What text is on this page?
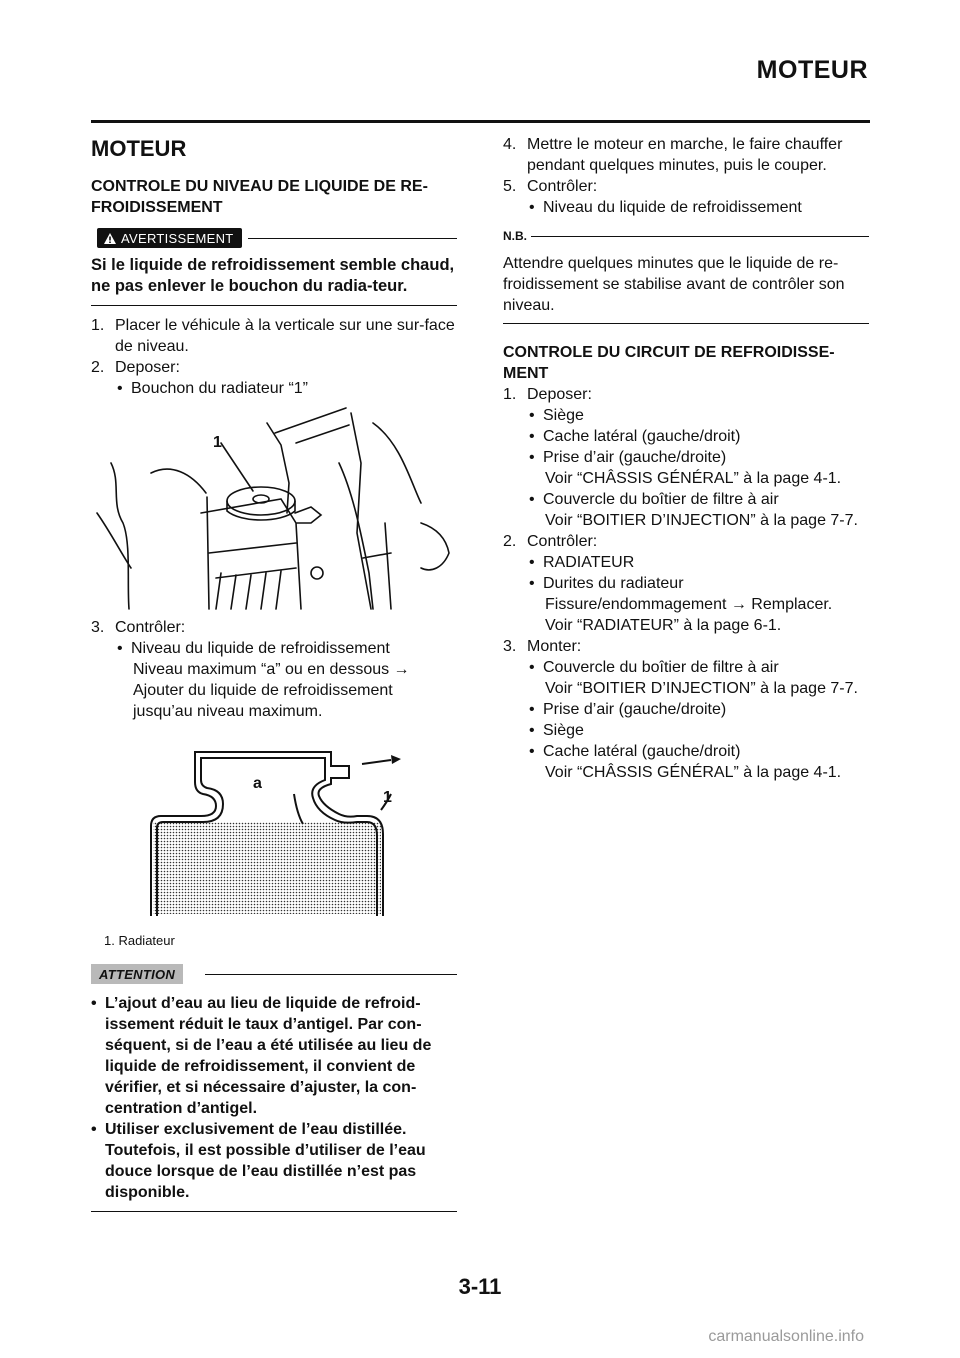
MOTEUR
MOTEUR
CONTROLE DU NIVEAU DE LIQUIDE DE RE-FROIDISSEMENT
AVERTISSEMENT
Si le liquide de refroidissement semble chaud, ne pas enlever le bouchon du radia-teur.
1. Placer le véhicule à la verticale sur une sur-face de niveau.
2. Deposer:
• Bouchon du radiateur “1”
1
3. Contrôler:
• Niveau du liquide de refroidissement
Niveau maximum “a” ou en dessous →
Ajouter du liquide de refroidissement
jusqu’au niveau maximum.
a
1
1. Radiateur
ATTENTION
• L’ajout d’eau au lieu de liquide de refroid-issement réduit le taux d’antigel. Par con-séquent, si de l’eau a été utilisée au lieu de liquide de refroidissement, il convient de vérifier, et si nécessaire d’ajuster, la con-centration d’antigel.
• Utiliser exclusivement de l’eau distillée. Toutefois, il est possible d’utiliser de l’eau douce lorsque de l’eau distillée n’est pas disponible.
4. Mettre le moteur en marche, le faire chauffer pendant quelques minutes, puis le couper.
5. Contrôler:
• Niveau du liquide de refroidissement
N.B.
Attendre quelques minutes que le liquide de re-froidissement se stabilise avant de contrôler son niveau.
CONTROLE DU CIRCUIT DE REFROIDISSE-MENT
1. Deposer:
• Siège
• Cache latéral (gauche/droit)
• Prise d’air (gauche/droite)
Voir “CHÂSSIS GÉNÉRAL” à la page 4-1.
• Couvercle du boîtier de filtre à air
Voir “BOITIER D’INJECTION” à la page 7-7.
2. Contrôler:
• RADIATEUR
• Durites du radiateur
Fissure/endommagement → Remplacer.
Voir “RADIATEUR” à la page 6-1.
3. Monter:
• Couvercle du boîtier de filtre à air
Voir “BOITIER D’INJECTION” à la page 7-7.
• Prise d’air (gauche/droite)
• Siège
• Cache latéral (gauche/droit)
Voir “CHÂSSIS GÉNÉRAL” à la page 4-1.
3-11
carmanualsonline.info
